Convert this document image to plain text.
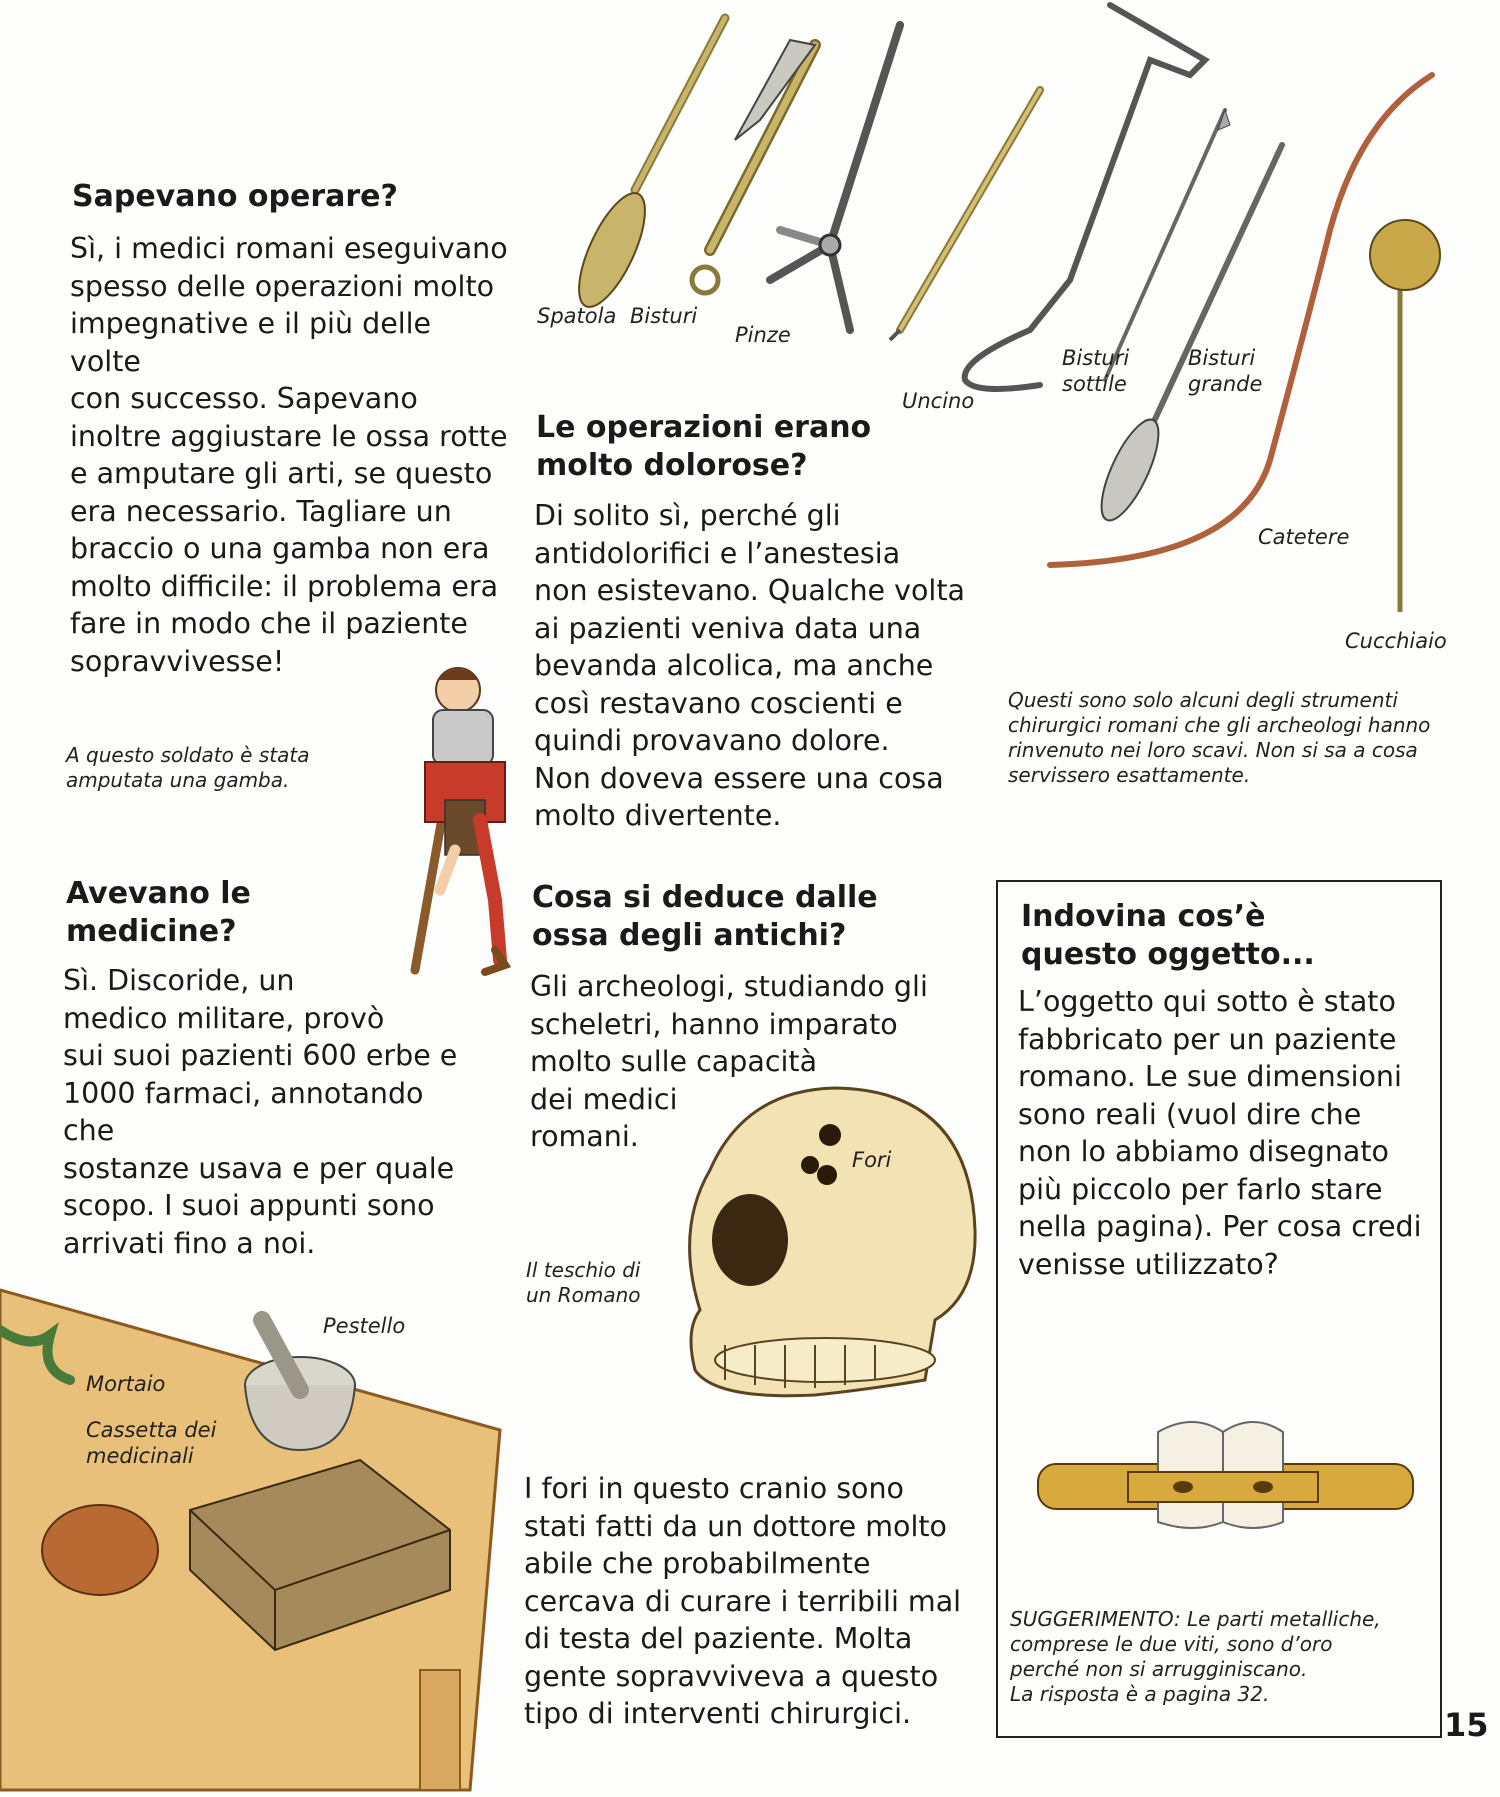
Spatola Bisturi
Pinze
Uncino
Bisturi
sottile
Bisturi
grande
Catetere
Cucchiaio
Sapevano operare?

Sì, i medici romani eseguivano
spesso delle operazioni molto
impegnative e il più delle volte
con successo. Sapevano
inoltre aggiustare le ossa rotte
e amputare gli arti, se questo
era necessario. Tagliare un
braccio o una gamba non era
molto difficile: il problema era
fare in modo che il paziente
sopravvivesse!

Le operazioni erano
molto dolorose?

Di solito sì, perché gli
antidolorifici e l’anestesia
non esistevano. Qualche volta
ai pazienti veniva data una
bevanda alcolica, ma anche
così restavano coscienti e
quindi provavano dolore.
Non doveva essere una cosa
molto divertente.

Questi sono solo alcuni degli strumenti
chirurgici romani che gli archeologi hanno
rinvenuto nei loro scavi. Non si sa a cosa
servissero esattamente.
A questo soldato è stata
amputata una gamba.
Avevano le
medicine?

Sì. Discoride, un
medico militare, provò
sui suoi pazienti 600 erbe e
1000 farmaci, annotando che
sostanze usava e per quale
scopo. I suoi appunti sono
arrivati fino a noi.

Cosa si deduce dalle
ossa degli antichi?

Gli archeologi, studiando gli
scheletri, hanno imparato
molto sulle capacità
dei medici
romani.

Fori
Il teschio di
un Romano

I fori in questo cranio sono
stati fatti da un dottore molto
abile che probabilmente
cercava di curare i terribili mal
di testa del paziente. Molta
gente sopravviveva a questo
tipo di interventi chirurgici.

Indovina cos’è
questo oggetto...

L’oggetto qui sotto è stato
fabbricato per un paziente
romano. Le sue dimensioni
sono reali (vuol dire che
non lo abbiamo disegnato
più piccolo per farlo stare
nella pagina). Per cosa credi
venisse utilizzato?

SUGGERIMENTO: Le parti metalliche,
comprese le due viti, sono d’oro
perché non si arrugginiscano.
La risposta è a pagina 32.
15
Pestello
Mortaio
Cassetta dei
medicinali
